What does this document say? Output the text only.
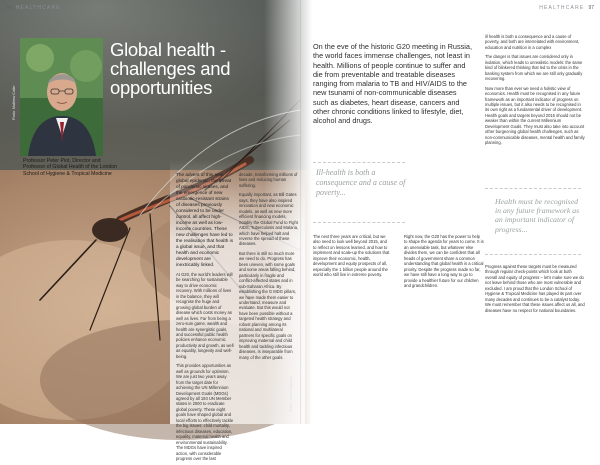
96 HEALTHCARE	HEALTHCARE 97
Photo: Matthew Cutler
Photo: James Gathany
Global health - challenges and opportunities
Professor Peter Piot, Director and Professor of Global Health of the London School of Hygiene & Tropical Medicine

On the eve of the historic G20 meeting in Russia, the world faces immense challenges, not least in health. Millions of people continue to suffer and die from preventable and treatable diseases ranging from malaria to TB and HIV/AIDS to the new tsunami of non-communicable diseases such as diabetes, heart disease, cancers and other chronic conditions linked to lifestyle, diet, alcohol and drugs.

The advent of this new global epidemic, the threat of pandemic viruses, and the emergence of new antibiotic-resistant strains of diseases previously considered to be under control, all affect high-income as well as low-income countries. These new challenges have led to the realisation that health is a global issue, and that health and economic development are inextricably linked.

At G20, the world's leaders will be searching for sustainable way to drive economic recovery. With millions of lives in the balance, they will recognise the huge and growing global burden of disease which costs money as well as lives. Far from being a zero-sum game, wealth and health are synergistic goals, and successful public health policies enhance economic productivity and growth, as well as equality, longevity and well-being.

This provides opportunities as well as grounds for optimism. We are just two years away from the target date for achieving the UN Millennium Development Goals (MDGs) agreed by all 193 UN Member states in 2000 to eradicate global poverty. These eight goals have shaped global and local efforts to effectively tackle the big issues: child mortality, infectious diseases, education, equality, maternal health and environmental sustainability. The MDGs have inspired action, with considerable progress over the last

decade, transforming millions of lives and reducing human suffering.

Equally important, as Bill Gates says, they have also inspired innovation and new economic models, as well as new more efficient financing models, notably the Global Fund to Fight AIDS, Tuberculosis and Malaria, which have helped halt and reverse the spread of these diseases.

But there is still so much more we need to do. Progress has been uneven, with some goals and some areas falling behind, particularly in fragile and conflict-affected states and in sub-Saharan Africa. By establishing the G MDG pillars, we have made them easier to understand, measure and evaluate. But this would not have been possible without a targeted health strategy and robust planning among its national and multilateral partners for specific goals on improving maternal and child health and tackling infectious diseases, is inseparable from many of the other goals.

Ill-health is both a consequence and a cause of poverty...

The next three years are critical, but we also need to look well beyond 2015, and to reflect on lessons learned, and how to implement and scale-up the solutions that improve their economic, health, development and equity prospects of all, especially the 1 billion people around the world who still live in extreme poverty.

Right now, the G20 has the power to help to shape the agenda for years to come. It is an unenviable task, but whatever else divides them, we can be confident that all heads of government share a common understanding that global health is a critical priority. Despite the progress made so far, we have still have a long way to go to provide a healthier future for our children and grandchildren.

ill health is both a consequence and a cause of poverty, and both are interrelated with environment, education and nutrition in a complex

The danger is that issues are considered only in isolation, which leads to unrealistic models: the same kind of blinkered thinking that led to the crisis in the banking system from which we are still only gradually recovering.

Now more than ever we need a holistic view of economics. Health must be recognised in any future framework as an important indicator of progress on multiple issues, but it also needs to be recognised in its own right as a fundamental driver of development. Health goals and targets beyond 2015 should not be weaker than within the current Millennium Development Goals. They must also take into account other burgeoning global health challenges, such as non-communicable diseases, mental health and family planning.

Health must be recognised in any future framework as an important indicator of progress...

Progress against these targets must be measured through regular check-points which look at both overall and equity of progress – let's make sure we do not leave behind those who are most vulnerable and excluded. I am proud that the London School of Hygiene & Tropical Medicine has played its part over many decades and continues to be a catalyst today. We must remember that these issues affect us all, and diseases have no respect for national boundaries.
